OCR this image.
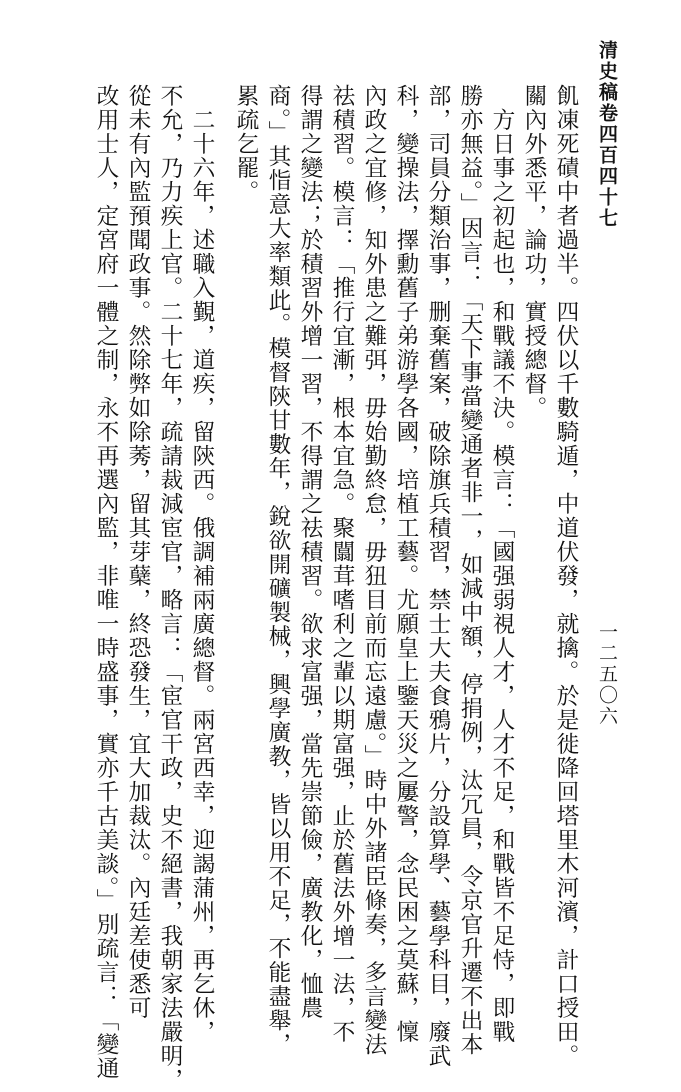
清史稿卷四百四十七
一二五〇六
飢凍死磧中者過半。四伏以千數騎遁，中道伏發，就擒。於是徙降回塔里木河濱，計口授田。
關內外悉平，論功，實授總督。
方日事之初起也，和戰議不決。模言：「國强弱視人才，人才不足，和戰皆不足恃，即戰
勝亦無益。」因言：「天下事當變通者非一，如減中額，停捐例，汰冗員，令京官升遷不出本
部，司員分類治事，删棄舊案，破除旗兵積習，禁士大夫食鴉片，分設算學、藝學科目，廢武
科，變操法，擇勳舊子弟游學各國，培植工藝。尤願皇上鑒天災之屢警，念民困之莫蘇，懍
內政之宜修，知外患之難弭，毋始勤終怠，毋狃目前而忘遠慮。」時中外諸臣條奏，多言變法
祛積習。模言：「推行宜漸，根本宜急。聚闒茸嗜利之輩以期富强，止於舊法外增一法，不
得謂之變法；於積習外增一習，不得謂之祛積習。欲求富强，當先崇節儉，廣教化，恤農
商。」其恉意大率類此。模督陝甘數年，銳欲開礦製械，興學廣教，皆以用不足，不能盡舉，
累疏乞罷。
二十六年，述職入覲，道疾，留陝西。俄調補兩廣總督。兩宮西幸，迎謁蒲州，再乞休，
不允，乃力疾上官。二十七年，疏請裁減宦官，略言：「宦官干政，史不絕書，我朝家法嚴明，
從未有內監預聞政事。然除弊如除莠，留其芽蘖，終恐發生，宜大加裁汰。內廷差使悉可
改用士人，定宮府一體之制，永不再選內監，非唯一時盛事，實亦千古美談。」別疏言：「變通
